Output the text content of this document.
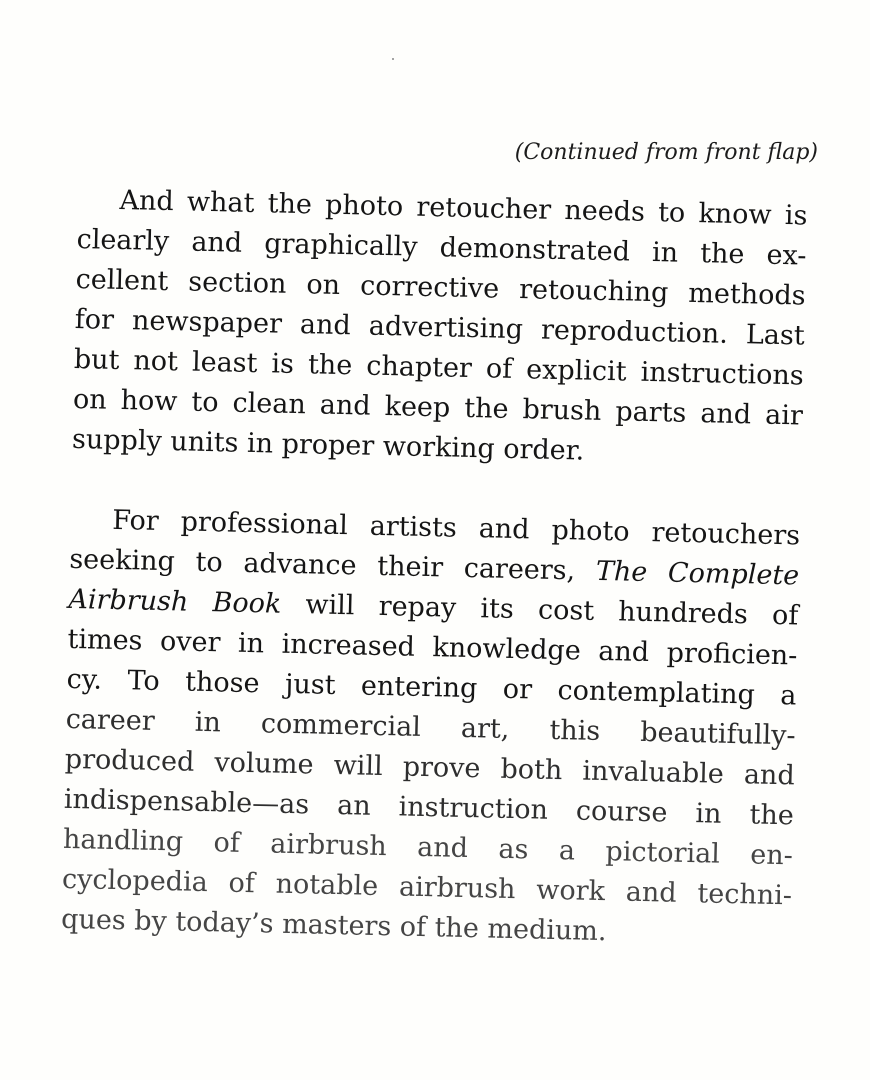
(Continued from front flap)

And what the photo retoucher needs to know is
clearly and graphically demonstrated in the ex-
cellent section on corrective retouching methods
for newspaper and advertising reproduction. Last
but not least is the chapter of explicit instructions
on how to clean and keep the brush parts and air
supply units in proper working order.

For professional artists and photo retouchers
seeking to advance their careers, The Complete
Airbrush Book will repay its cost hundreds of
times over in increased knowledge and proficien-
cy. To those just entering or contemplating a
career in commercial art, this beautifully-
produced volume will prove both invaluable and
indispensable—as an instruction course in the
handling of airbrush and as a pictorial en-
cyclopedia of notable airbrush work and techni-
ques by today’s masters of the medium.
